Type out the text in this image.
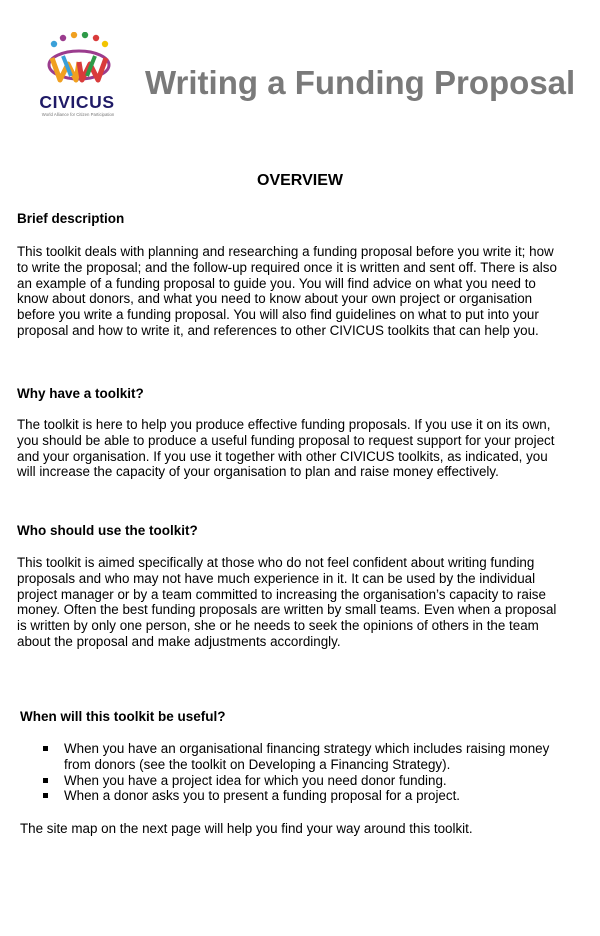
CIVICUS
World Alliance for Citizen Participation
Writing a Funding Proposal
OVERVIEW
Brief description
This toolkit deals with planning and researching a funding proposal before you write it; how
to write the proposal; and the follow-up required once it is written and sent off. There is also
an example of a funding proposal to guide you. You will find advice on what you need to
know about donors, and what you need to know about your own project or organisation
before you write a funding proposal. You will also find guidelines on what to put into your
proposal and how to write it, and references to other CIVICUS toolkits that can help you.
Why have a toolkit?
The toolkit is here to help you produce effective funding proposals. If you use it on its own,
you should be able to produce a useful funding proposal to request support for your project
and your organisation. If you use it together with other CIVICUS toolkits, as indicated, you
will increase the capacity of your organisation to plan and raise money effectively.
Who should use the toolkit?
This toolkit is aimed specifically at those who do not feel confident about writing funding
proposals and who may not have much experience in it. It can be used by the individual
project manager or by a team committed to increasing the organisation’s capacity to raise
money. Often the best funding proposals are written by small teams. Even when a proposal
is written by only one person, she or he needs to seek the opinions of others in the team
about the proposal and make adjustments accordingly.
When will this toolkit be useful?
When you have an organisational financing strategy which includes raising money
from donors (see the toolkit on Developing a Financing Strategy).
When you have a project idea for which you need donor funding.
When a donor asks you to present a funding proposal for a project.
The site map on the next page will help you find your way around this toolkit.
